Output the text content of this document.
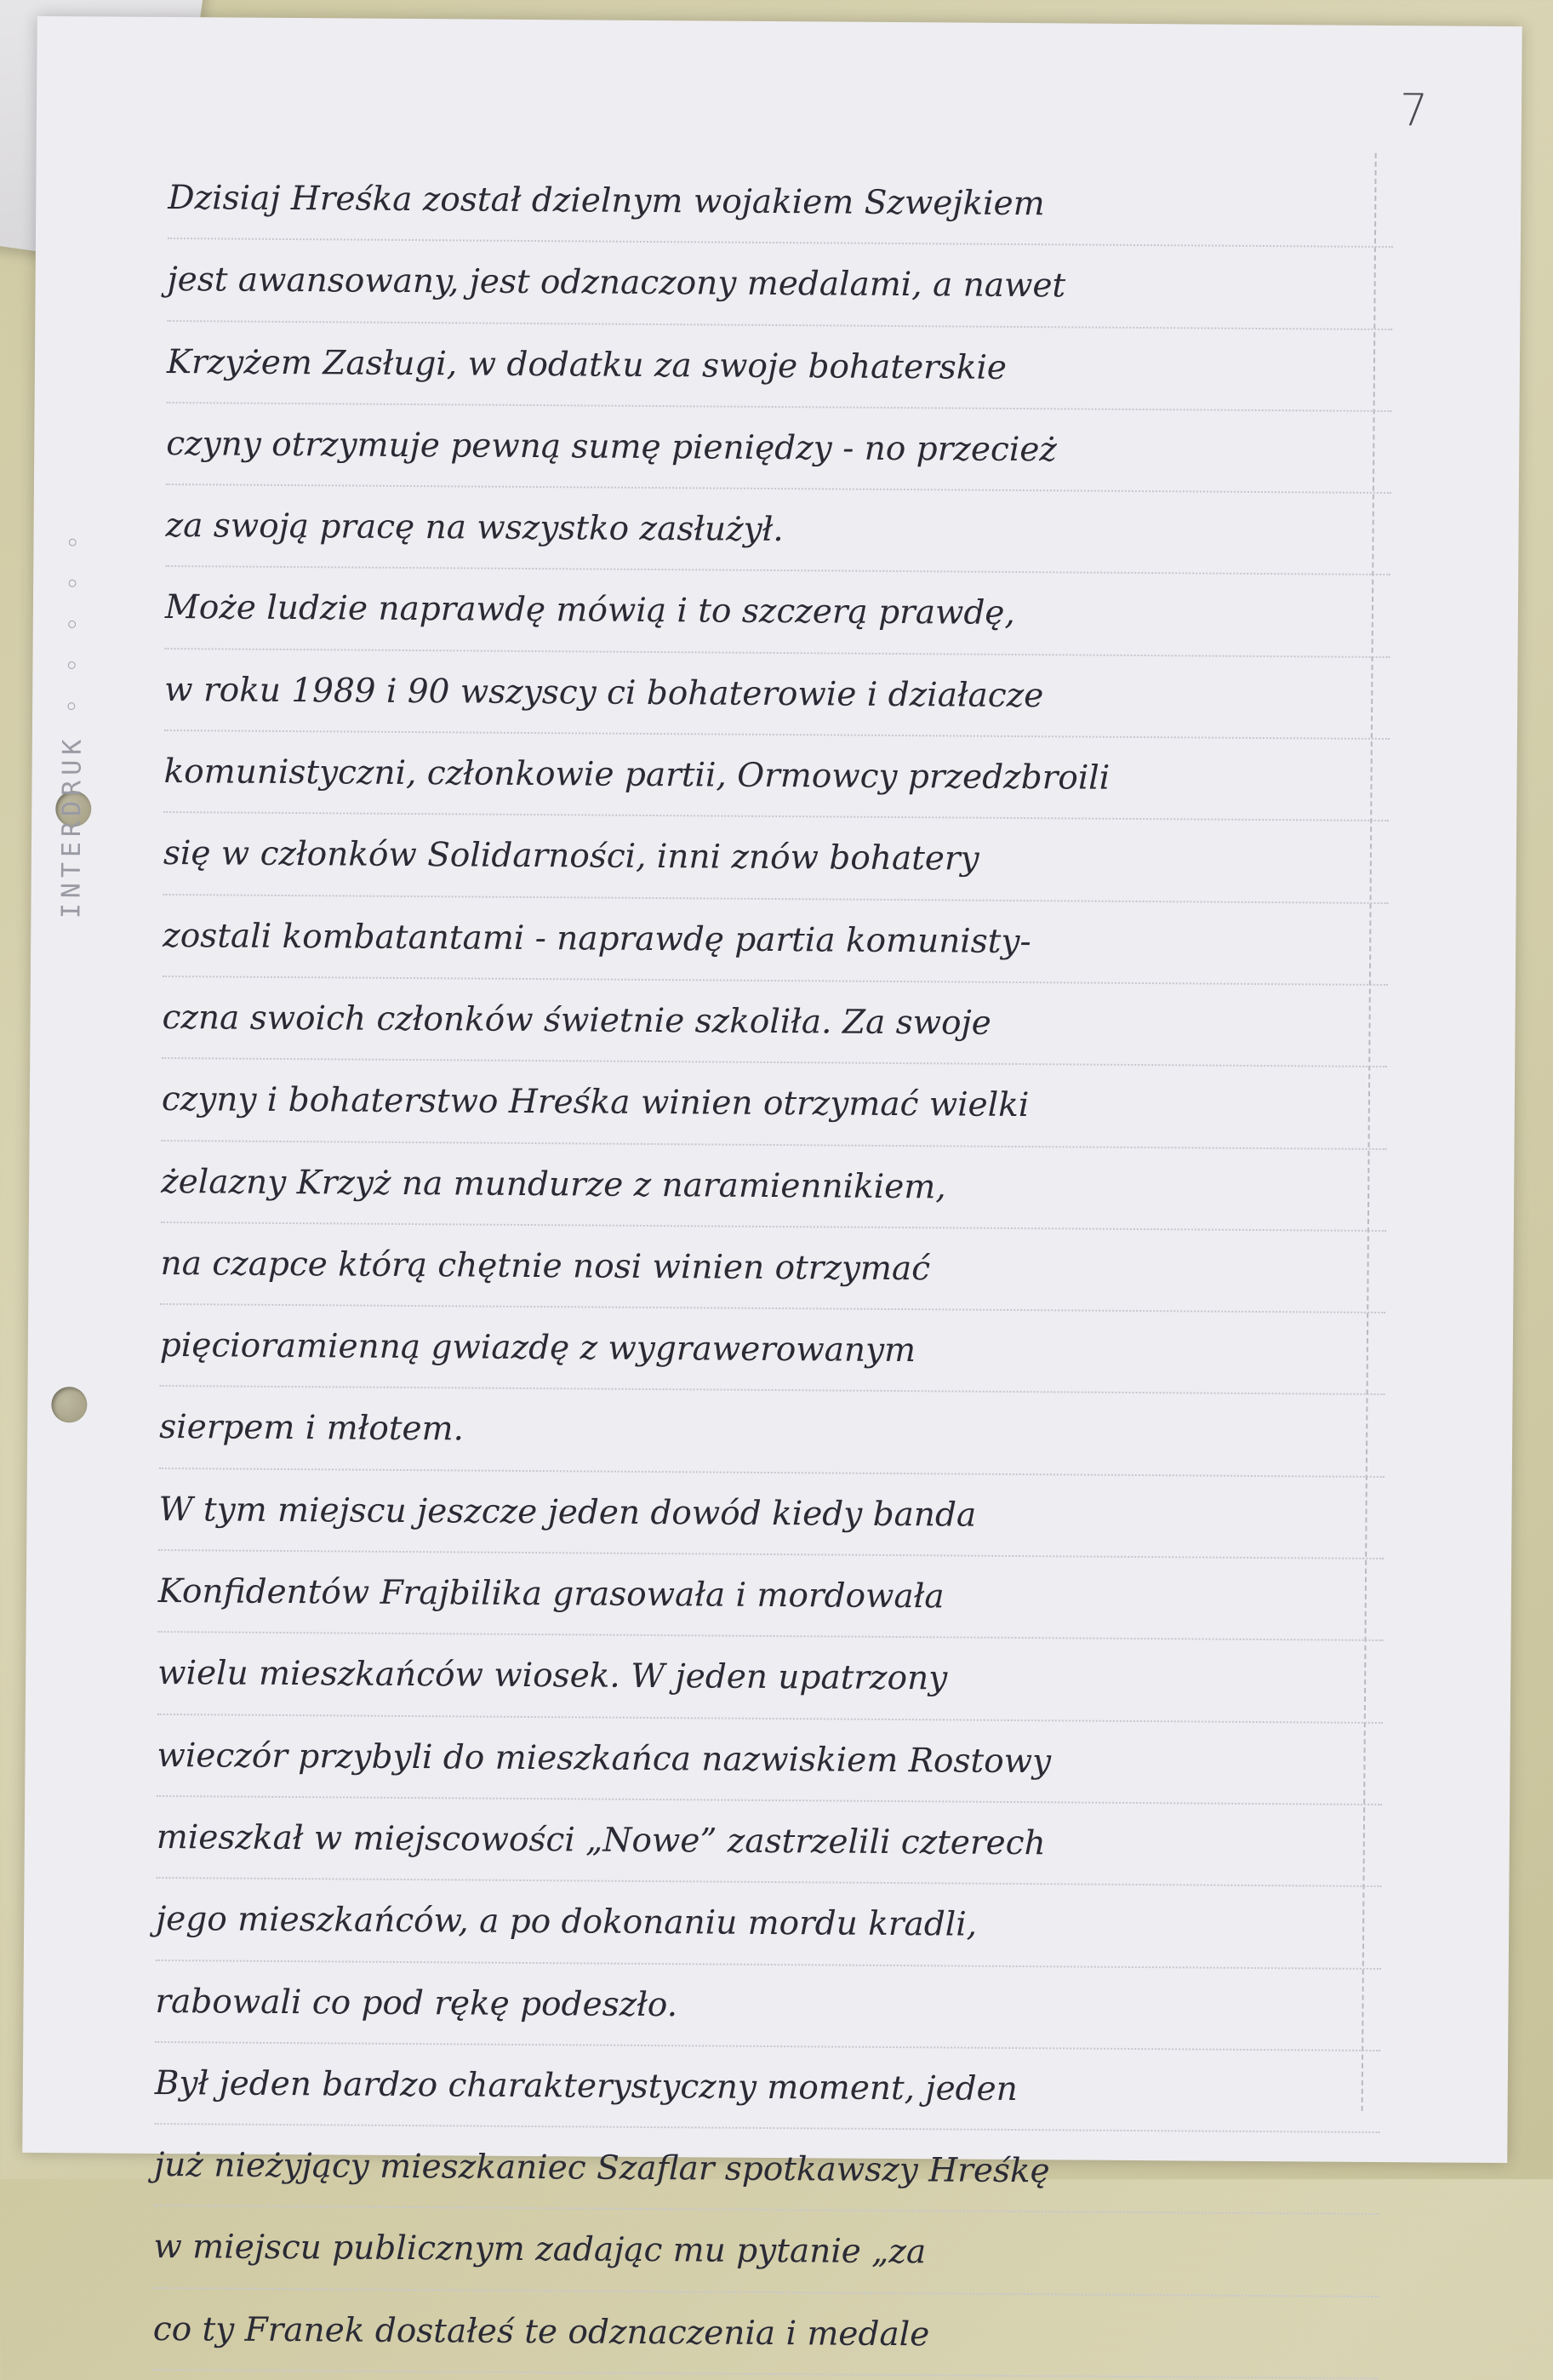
7
INTERDRUK ◦ ◦ ◦ ◦ ◦
Dzisiaj Hreśka został dzielnym wojakiem Szwejkiem
jest awansowany, jest odznaczony medalami, a nawet
Krzyżem Zasługi, w dodatku za swoje bohaterskie
czyny otrzymuje pewną sumę pieniędzy - no przecież
za swoją pracę na wszystko zasłużył.
Może ludzie naprawdę mówią i to szczerą prawdę,
w roku 1989 i 90 wszyscy ci bohaterowie i działacze
komunistyczni, członkowie partii, Ormowcy przedzbroili
się w członków Solidarności, inni znów bohatery
zostali kombatantami - naprawdę partia komunisty-
czna swoich członków świetnie szkoliła. Za swoje
czyny i bohaterstwo Hreśka winien otrzymać wielki
żelazny Krzyż na mundurze z naramiennikiem,
na czapce którą chętnie nosi winien otrzymać
pięcioramienną gwiazdę z wygrawerowanym
sierpem i młotem.
W tym miejscu jeszcze jeden dowód kiedy banda
Konfidentów Frajbilika grasowała i mordowała
wielu mieszkańców wiosek. W jeden upatrzony
wieczór przybyli do mieszkańca nazwiskiem Rostowy
mieszkał w miejscowości „Nowe” zastrzelili czterech
jego mieszkańców, a po dokonaniu mordu kradli,
rabowali co pod rękę podeszło.
Był jeden bardzo charakterystyczny moment, jeden
już nieżyjący mieszkaniec Szaflar spotkawszy Hreśkę
w miejscu publicznym zadając mu pytanie „za
co ty Franek dostałeś te odznaczenia i medale
